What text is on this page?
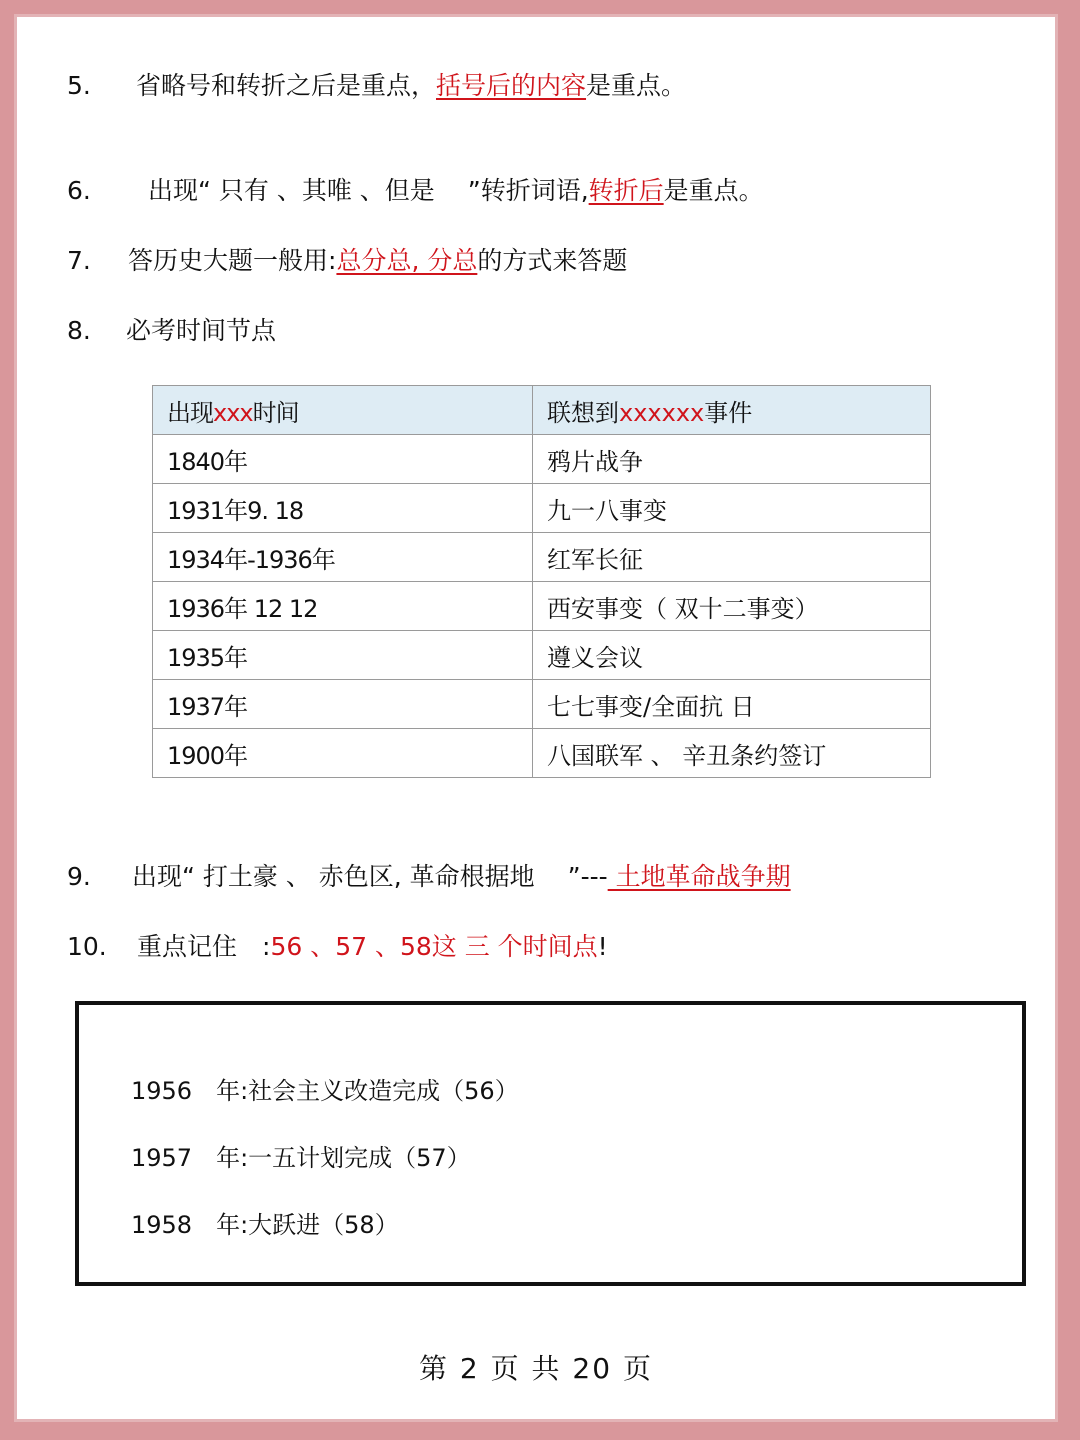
5. 省略号和转折之后是重点，括号后的内容是重点。
6. 出现“ 只有 、其唯 、但是　 ”转折词语,转折后是重点。
7. 答历史大题一般用:总分总, 分总的方式来答题
8. 必考时间节点
出现xxx时间	联想到xxxxxx事件
1840年	鸦片战争
1931年9. 18	九一八事变
1934年-1936年	红军长征
1936年 12 12	西安事变（ 双十二事变）
1935年	遵义会议
1937年	七七事变/全面抗 日
1900年	八国联军 、 辛丑条约签订
9. 出现“ 打土豪 、 赤色区, 革命根据地　 ”--- 土地革命战争期
10. 重点记住　:56 、57 、58这 三 个时间点!
1956　年:社会主义改造完成（56）
1957　年:一五计划完成（57）
1958　年:大跃进（58）
第 2 页 共 20 页
